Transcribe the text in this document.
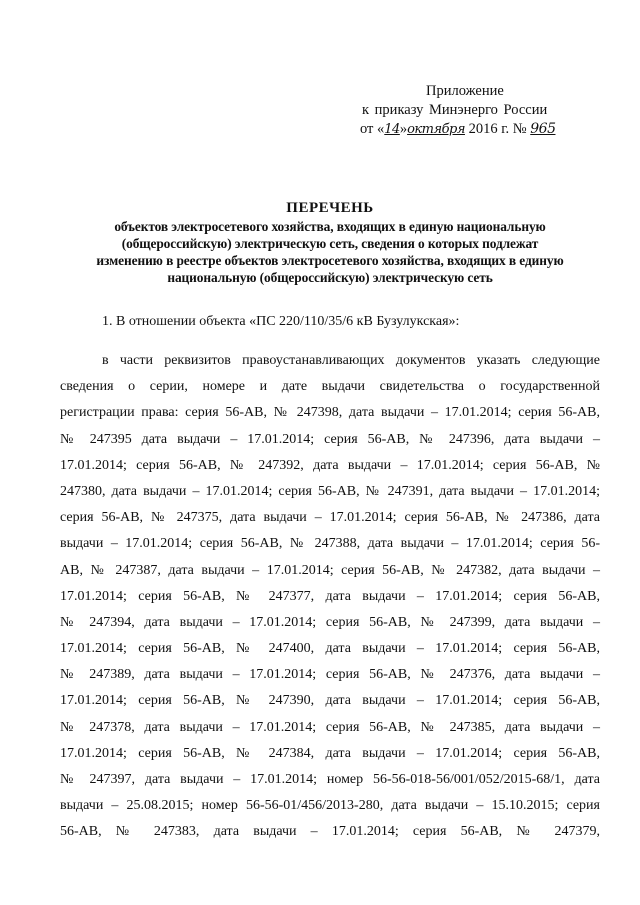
Приложение
к приказу Минэнерго России
от «14»октября 2016 г. № 965
ПЕРЕЧЕНЬ
объектов электросетевого хозяйства, входящих в единую национальную
(общероссийскую) электрическую сеть, сведения о которых подлежат
изменению в реестре объектов электросетевого хозяйства, входящих в единую
национальную (общероссийскую) электрическую сеть

1. В отношении объекта «ПС 220/110/35/6 кВ Бузулукская»:

в части реквизитов правоустанавливающих документов указать следующие
сведения о серии, номере и дате выдачи свидетельства о государственной
регистрации права: серия 56-АВ, № 247398, дата выдачи – 17.01.2014; серия 56-АВ,
№ 247395 дата выдачи – 17.01.2014; серия 56-АВ, № 247396, дата выдачи –
17.01.2014; серия 56-АВ, № 247392, дата выдачи – 17.01.2014; серия 56-АВ, №
247380, дата выдачи – 17.01.2014; серия 56-АВ, № 247391, дата выдачи – 17.01.2014;
серия 56-АВ, № 247375, дата выдачи – 17.01.2014; серия 56-АВ, № 247386, дата
выдачи – 17.01.2014; серия 56-АВ, № 247388, дата выдачи – 17.01.2014; серия 56-
АВ, № 247387, дата выдачи – 17.01.2014; серия 56-АВ, № 247382, дата выдачи –
17.01.2014; серия 56-АВ, № 247377, дата выдачи – 17.01.2014; серия 56-АВ,
№ 247394, дата выдачи – 17.01.2014; серия 56-АВ, № 247399, дата выдачи –
17.01.2014; серия 56-АВ, № 247400, дата выдачи – 17.01.2014; серия 56-АВ,
№ 247389, дата выдачи – 17.01.2014; серия 56-АВ, № 247376, дата выдачи –
17.01.2014; серия 56-АВ, № 247390, дата выдачи – 17.01.2014; серия 56-АВ,
№ 247378, дата выдачи – 17.01.2014; серия 56-АВ, № 247385, дата выдачи –
17.01.2014; серия 56-АВ, № 247384, дата выдачи – 17.01.2014; серия 56-АВ,
№ 247397, дата выдачи – 17.01.2014; номер 56-56-018-56/001/052/2015-68/1, дата
выдачи – 25.08.2015; номер 56-56-01/456/2013-280, дата выдачи – 15.10.2015; серия
56-АВ, № 247383, дата выдачи – 17.01.2014; серия 56-АВ, № 247379,
